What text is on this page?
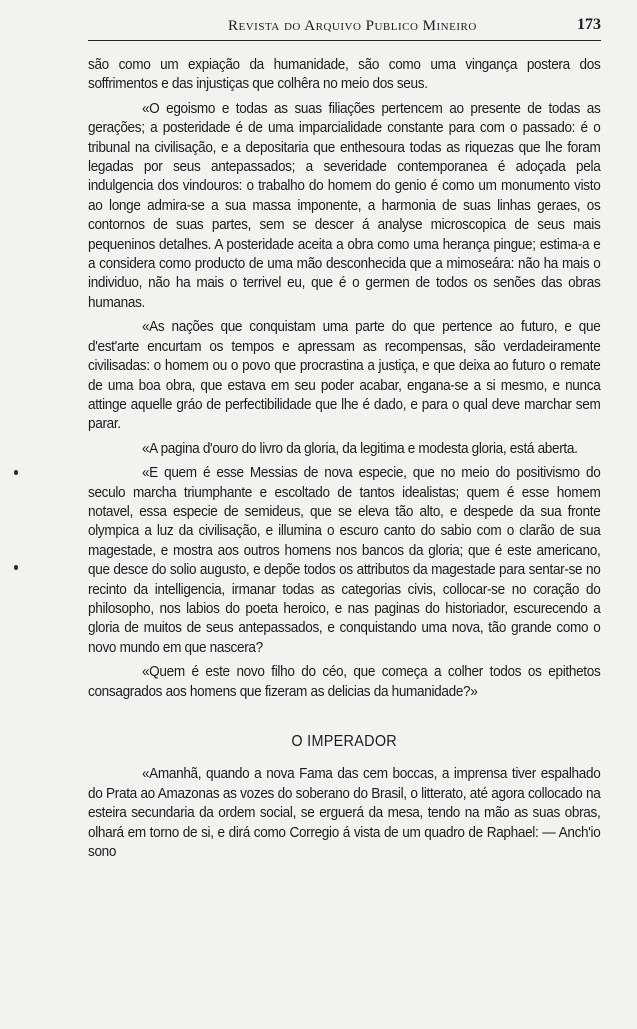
Revista do Arquivo Publico Mineiro	173

são como um expiação da humanidade, são como uma vingança postera dos soffrimentos e das injustiças que colhêra no meio dos seus.

«O egoismo e todas as suas filiações pertencem ao presente de todas as gerações; a posteridade é de uma imparcialidade constante para com o passado: é o tribunal na civilisação, e a depositaria que enthesoura todas as riquezas que lhe foram legadas por seus antepassados; a severidade contemporanea é adoçada pela indulgencia dos vindouros: o trabalho do homem do genio é como um monumento visto ao longe admira-se a sua massa imponente, a harmonia de suas linhas geraes, os contornos de suas partes, sem se descer á analyse microscopica de seus mais pequeninos detalhes. A posteridade aceita a obra como uma herança pingue; estima-a e a considera como producto de uma mão desconhecida que a mimoseára: não ha mais o individuo, não ha mais o terrivel eu, que é o germen de todos os senões das obras humanas.

«As nações que conquistam uma parte do que pertence ao futuro, e que d'est'arte encurtam os tempos e apressam as recompensas, são verdadeiramente civilisadas: o homem ou o povo que procrastina a justiça, e que deixa ao futuro o remate de uma boa obra, que estava em seu poder acabar, engana-se a si mesmo, e nunca attinge aquelle gráo de perfectibilidade que lhe é dado, e para o qual deve marchar sem parar.

«A pagina d'ouro do livro da gloria, da legitima e modesta gloria, está aberta.

«E quem é esse Messias de nova especie, que no meio do positivismo do seculo marcha triumphante e escoltado de tantos idealistas; quem é esse homem notavel, essa especie de semideus, que se eleva tão alto, e despede da sua fronte olympica a luz da civilisação, e illumina o escuro canto do sabio com o clarão de sua magestade, e mostra aos outros homens nos bancos da gloria; que é este americano, que desce do solio augusto, e depõe todos os attributos da magestade para sentar-se no recinto da intelligencia, irmanar todas as categorias civis, collocar-se no coração do philosopho, nos labios do poeta heroico, e nas paginas do historiador, escurecendo a gloria de muitos de seus antepassados, e conquistando uma nova, tão grande como o novo mundo em que nascera?

«Quem é este novo filho do céo, que começa a colher todos os epithetos consagrados aos homens que fizeram as delicias da humanidade?»

O IMPERADOR

«Amanhã, quando a nova Fama das cem boccas, a imprensa tiver espalhado do Prata ao Amazonas as vozes do soberano do Brasil, o litterato, até agora collocado na esteira secundaria da ordem social, se erguerá da mesa, tendo na mão as suas obras, olhará em torno de si, e dirá como Corregio á vista de um quadro de Raphael: — Anch'io sono
